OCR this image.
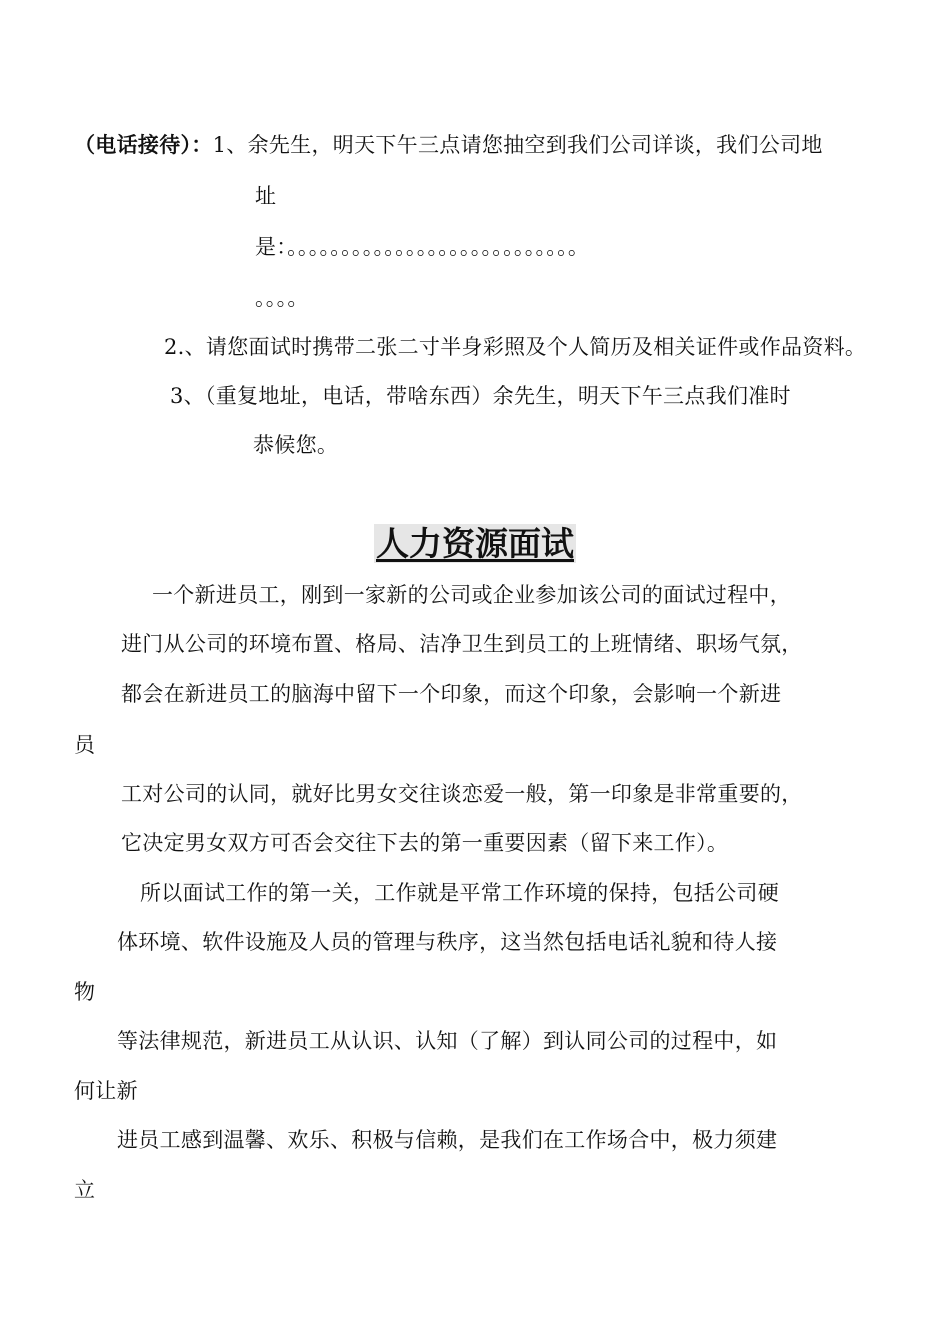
（电话接待）：1、余先生，明天下午三点请您抽空到我们公司详谈，我们公司地
址
是：。。。。。。。。。。。。。。。。。。。。。。。。。。。
。。。。
2.、请您面试时携带二张二寸半身彩照及个人简历及相关证件或作品资料。
3、（重复地址，电话，带啥东西）余先生，明天下午三点我们准时
恭候您。
人力资源面试
一个新进员工，刚到一家新的公司或企业参加该公司的面试过程中，
进门从公司的环境布置、格局、洁净卫生到员工的上班情绪、职场气氛，
都会在新进员工的脑海中留下一个印象，而这个印象，会影响一个新进
员
工对公司的认同，就好比男女交往谈恋爱一般，第一印象是非常重要的，
它决定男女双方可否会交往下去的第一重要因素（留下来工作）。
所以面试工作的第一关，工作就是平常工作环境的保持，包括公司硬
体环境、软件设施及人员的管理与秩序，这当然包括电话礼貌和待人接
物
等法律规范，新进员工从认识、认知（了解）到认同公司的过程中，如
何让新
进员工感到温馨、欢乐、积极与信赖，是我们在工作场合中，极力须建
立
